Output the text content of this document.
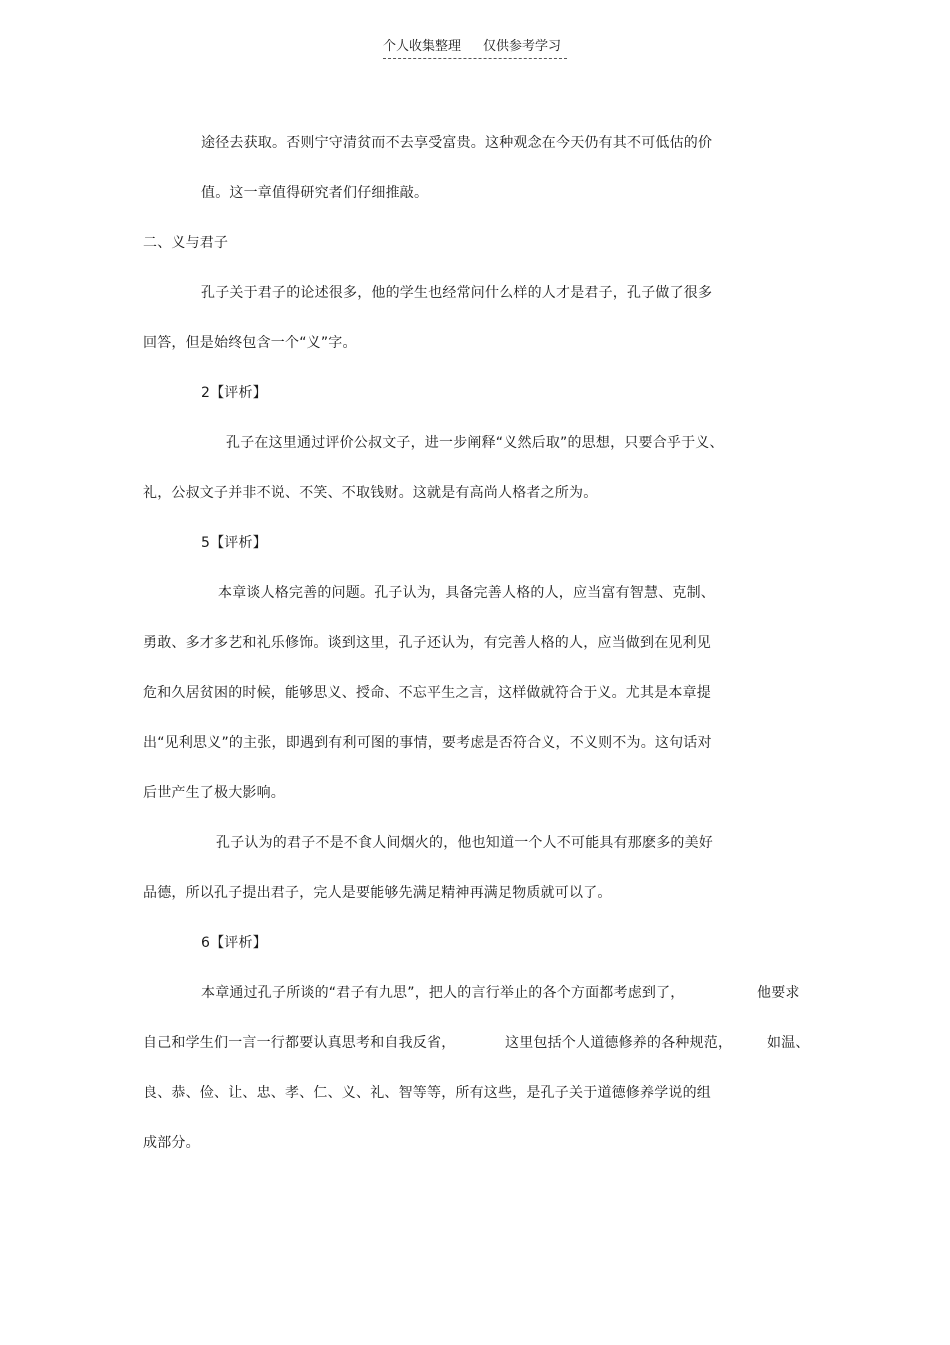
个人收集整理 仅供参考学习
途径去获取。否则宁守清贫而不去享受富贵。这种观念在今天仍有其不可低估的价
值。这一章值得研究者们仔细推敲。
二、义与君子
孔子关于君子的论述很多，他的学生也经常问什么样的人才是君子，孔子做了很多
回答，但是始终包含一个“义”字。
2【评析】
孔子在这里通过评价公叔文子，进一步阐释“义然后取”的思想，只要合乎于义、
礼，公叔文子并非不说、不笑、不取钱财。这就是有高尚人格者之所为。
5【评析】
本章谈人格完善的问题。孔子认为，具备完善人格的人，应当富有智慧、克制、
勇敢、多才多艺和礼乐修饰。谈到这里，孔子还认为，有完善人格的人，应当做到在见利见
危和久居贫困的时候，能够思义、授命、不忘平生之言，这样做就符合于义。尤其是本章提
出“见利思义”的主张，即遇到有利可图的事情，要考虑是否符合义，不义则不为。这句话对
后世产生了极大影响。
孔子认为的君子不是不食人间烟火的，他也知道一个人不可能具有那麽多的美好
品德，所以孔子提出君子，完人是要能够先满足精神再满足物质就可以了。
6【评析】
本章通过孔子所谈的“君子有九思”，把人的言行举止的各个方面都考虑到了，	他要求
自己和学生们一言一行都要认真思考和自我反省，	这里包括个人道德修养的各种规范， 如温、
良、恭、俭、让、忠、孝、仁、义、礼、智等等，所有这些，是孔子关于道德修养学说的组
成部分。
